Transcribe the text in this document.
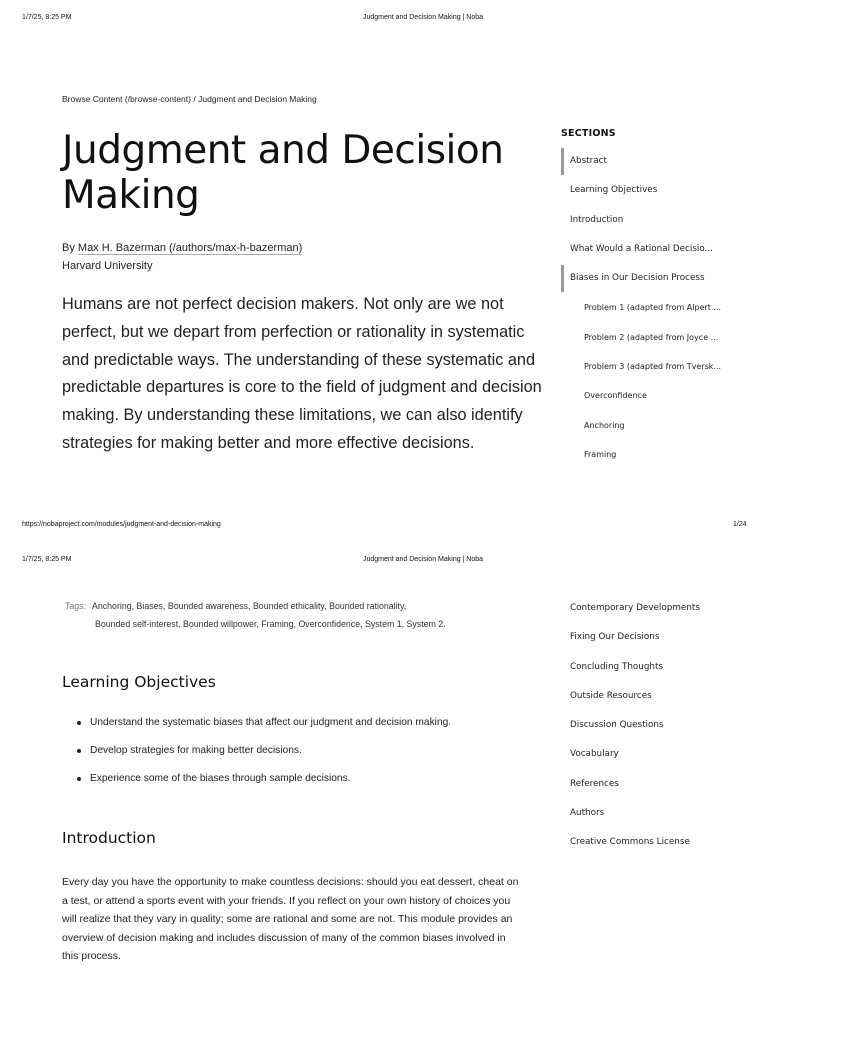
1/7/25, 8:25 PM	Judgment and Decision Making | Noba
Browse Content (/browse-content) / Judgment and Decision Making
Judgment and Decision Making
By Max H. Bazerman (/authors/max-h-bazerman)
Harvard University

Humans are not perfect decision makers. Not only are we not perfect, but we depart from perfection or rationality in systematic and predictable ways. The understanding of these systematic and predictable departures is core to the field of judgment and decision making. By understanding these limitations, we can also identify strategies for making better and more effective decisions.

SECTIONS
Abstract
Learning Objectives
Introduction
What Would a Rational Decisio...
Biases in Our Decision Process
Problem 1 (adapted from Alpert ...
Problem 2 (adapted from Joyce ...
Problem 3 (adapted from Tversk...
Overconfidence
Anchoring
Framing
https://nobaproject.com/modules/judgment-and-decision-making	1/24
1/7/25, 8:25 PM	Judgment and Decision Making | Noba
Contemporary Developments
Fixing Our Decisions
Concluding Thoughts
Outside Resources
Discussion Questions
Vocabulary
References
Authors
Creative Commons License
Tags: Anchoring, Biases, Bounded awareness, Bounded ethicality, Bounded rationality,
Bounded self-interest, Bounded willpower, Framing, Overconfidence, System 1, System 2.
Learning Objectives
Understand the systematic biases that affect our judgment and decision making.
Develop strategies for making better decisions.
Experience some of the biases through sample decisions.
Introduction

Every day you have the opportunity to make countless decisions: should you eat dessert, cheat on a test, or attend a sports event with your friends. If you reflect on your own history of choices you will realize that they vary in quality; some are rational and some are not. This module provides an overview of decision making and includes discussion of many of the common biases involved in this process.
